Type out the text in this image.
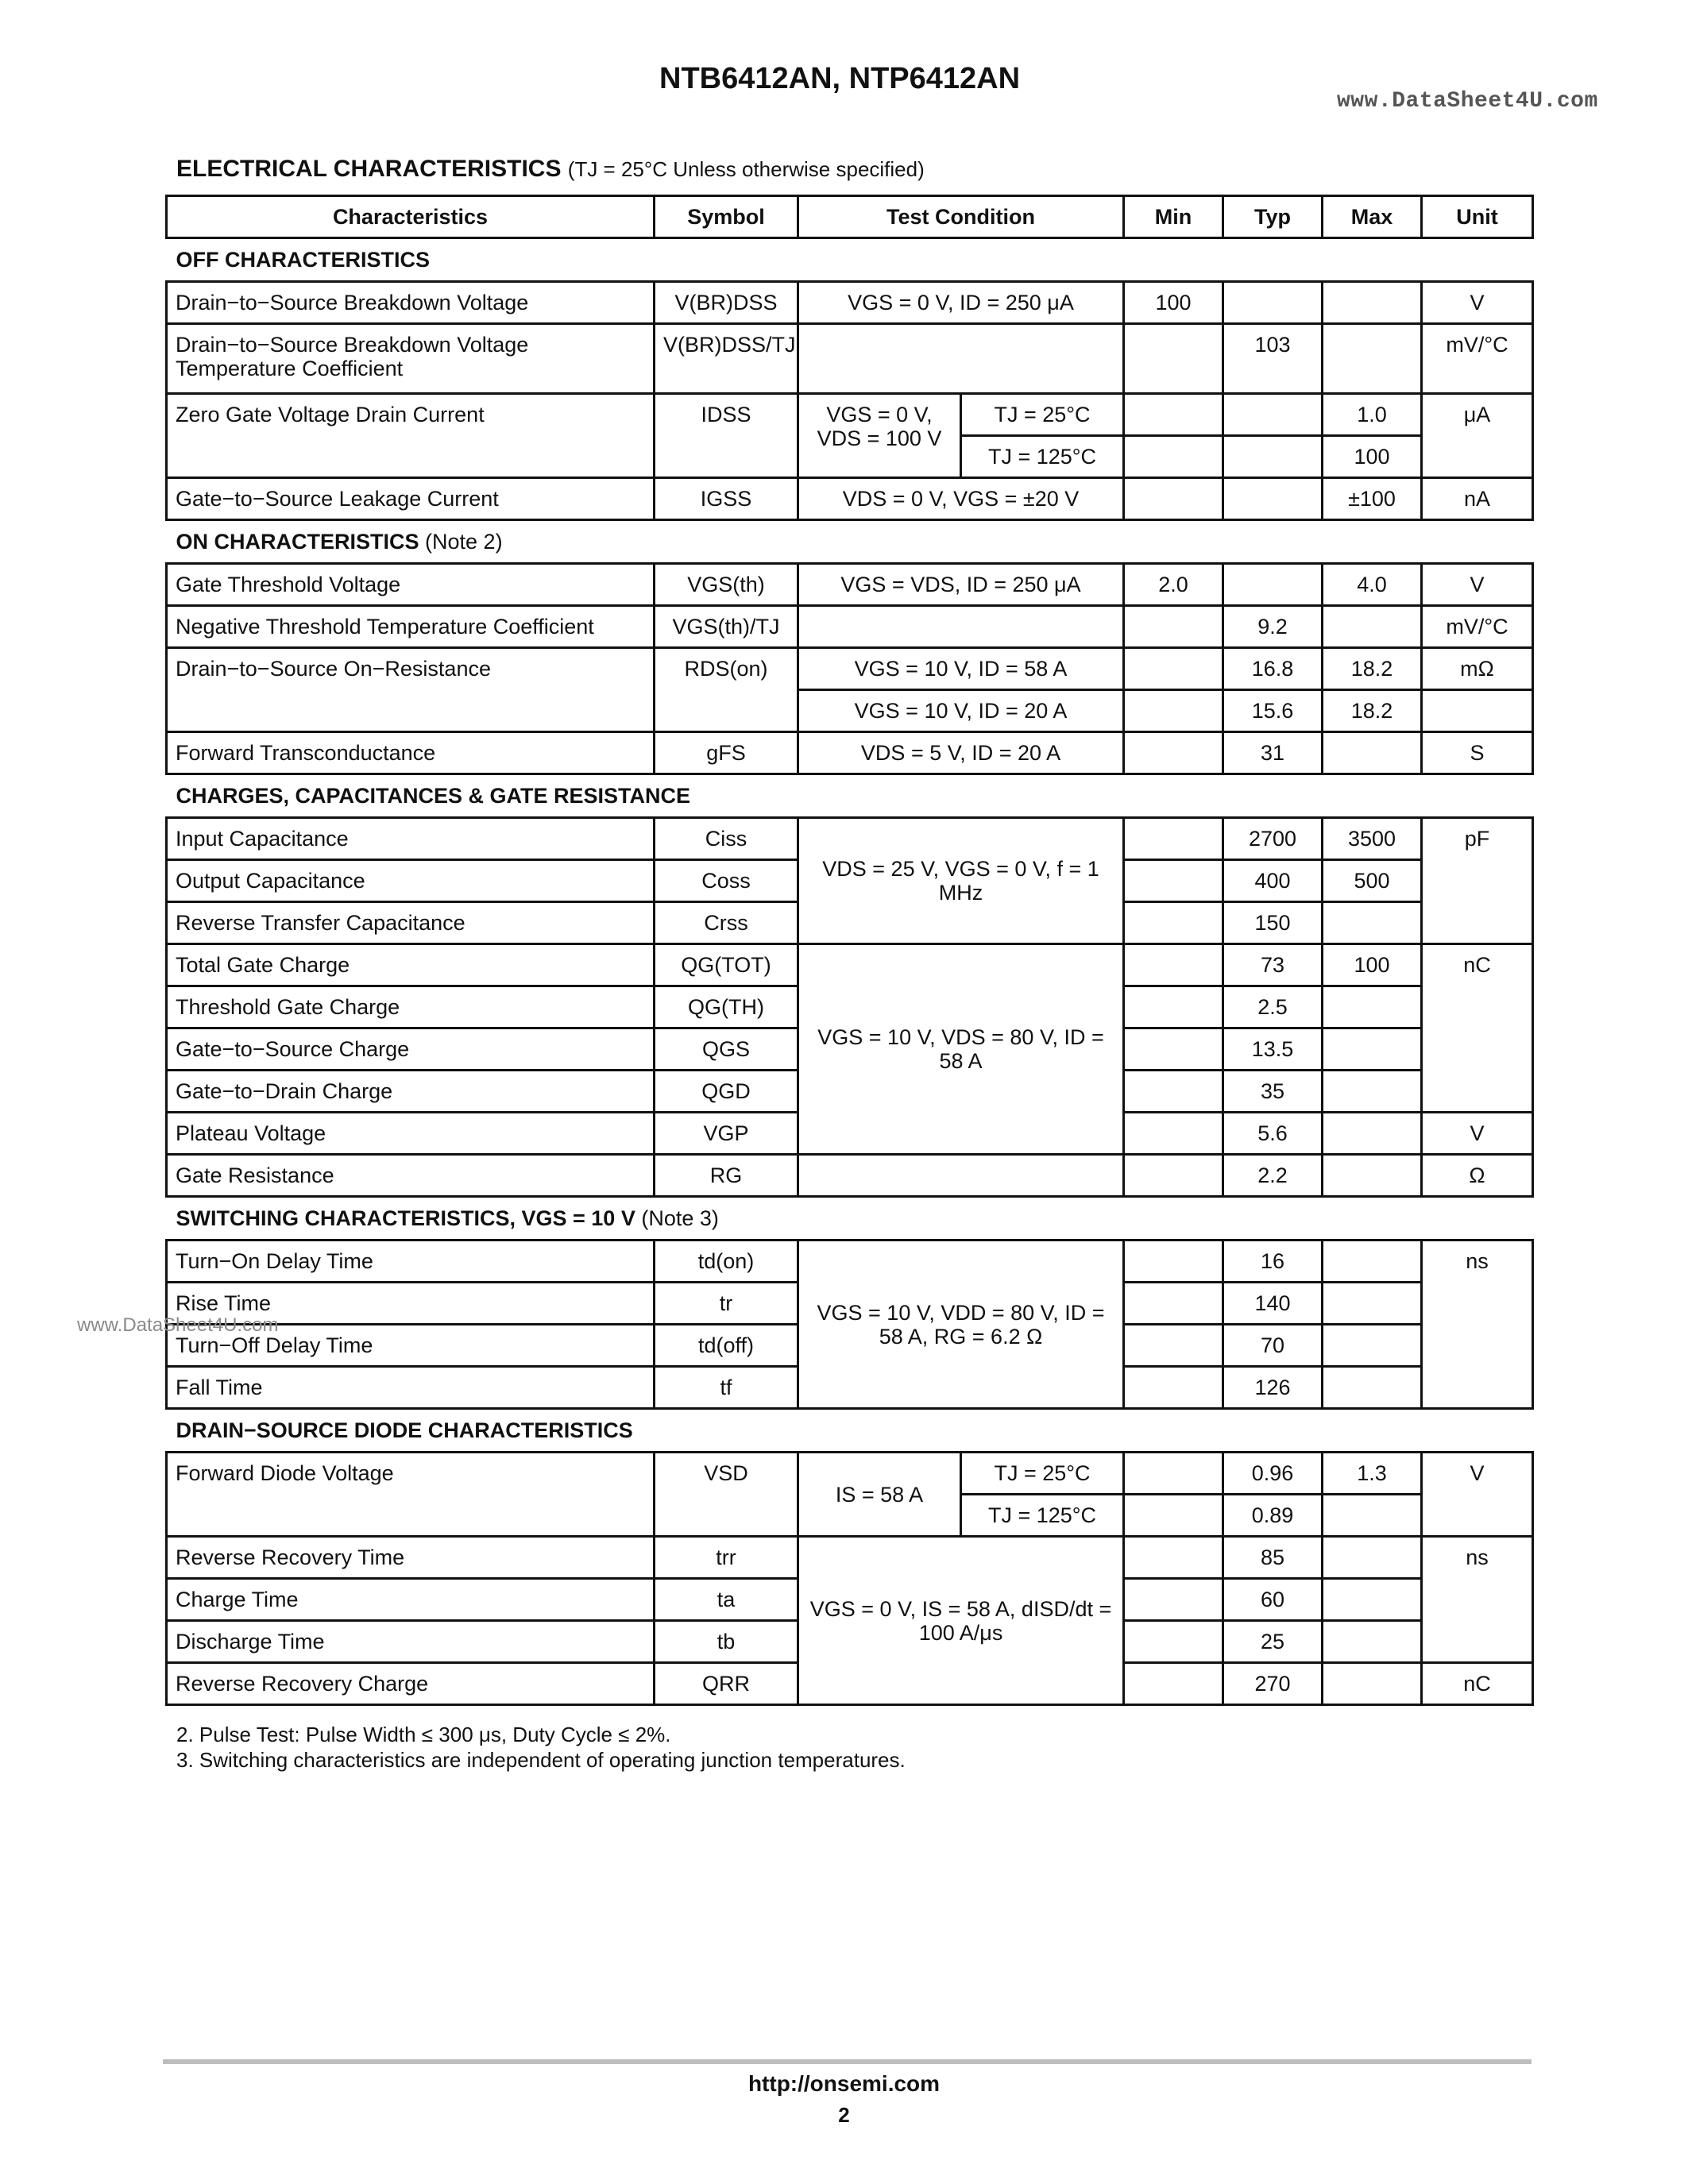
NTB6412AN, NTP6412AN
www.DataSheet4U.com
ELECTRICAL CHARACTERISTICS (TJ = 25°C Unless otherwise specified)
Characteristics	Symbol	Test Condition		Min	Typ	Max	Unit
OFF CHARACTERISTICS							
Drain−to−Source Breakdown Voltage	V(BR)DSS	VGS = 0 V, ID = 250 μA		100			V
Drain−to−Source Breakdown Voltage Temperature Coefficient	V(BR)DSS/TJ				103		mV/°C
Zero Gate Voltage Drain Current	IDSS	VGS = 0 V, VDS = 100 V	TJ = 25°C			1.0	μA
			TJ = 125°C			100	
Gate−to−Source Leakage Current	IGSS	VDS = 0 V, VGS = ±20 V				±100	nA
ON CHARACTERISTICS (Note 2)							
Gate Threshold Voltage	VGS(th)	VGS = VDS, ID = 250 μA		2.0		4.0	V
Negative Threshold Temperature Coefficient	VGS(th)/TJ				9.2		mV/°C
Drain−to−Source On−Resistance	RDS(on)	VGS = 10 V, ID = 58 A			16.8	18.2	mΩ
		VGS = 10 V, ID = 20 A			15.6	18.2	
Forward Transconductance	gFS	VDS = 5 V, ID = 20 A			31		S
CHARGES, CAPACITANCES & GATE RESISTANCE							
Input Capacitance	Ciss	VDS = 25 V, VGS = 0 V, f = 1 MHz			2700	3500	pF
Output Capacitance	Coss				400	500	
Reverse Transfer Capacitance	Crss				150		
Total Gate Charge	QG(TOT)	VGS = 10 V, VDS = 80 V, ID = 58 A			73	100	nC
Threshold Gate Charge	QG(TH)				2.5		
Gate−to−Source Charge	QGS				13.5		
Gate−to−Drain Charge	QGD				35		
Plateau Voltage	VGP				5.6		V
Gate Resistance	RG				2.2		Ω
SWITCHING CHARACTERISTICS, VGS = 10 V (Note 3)							
Turn−On Delay Time	td(on)	VGS = 10 V, VDD = 80 V, ID = 58 A, RG = 6.2 Ω			16		ns
Rise Time	tr				140		
Turn−Off Delay Time	td(off)				70		
Fall Time	tf				126		
DRAIN−SOURCE DIODE CHARACTERISTICS							
Forward Diode Voltage	VSD	IS = 58 A	TJ = 25°C		0.96	1.3	V
			TJ = 125°C		0.89		
Reverse Recovery Time	trr	VGS = 0 V, IS = 58 A, dISD/dt = 100 A/μs			85		ns
Charge Time	ta				60		
Discharge Time	tb				25		
Reverse Recovery Charge	QRR				270		nC
www.DataSheet4U.com
2. Pulse Test: Pulse Width ≤ 300 μs, Duty Cycle ≤ 2%.
3. Switching characteristics are independent of operating junction temperatures.
http://onsemi.com
2
